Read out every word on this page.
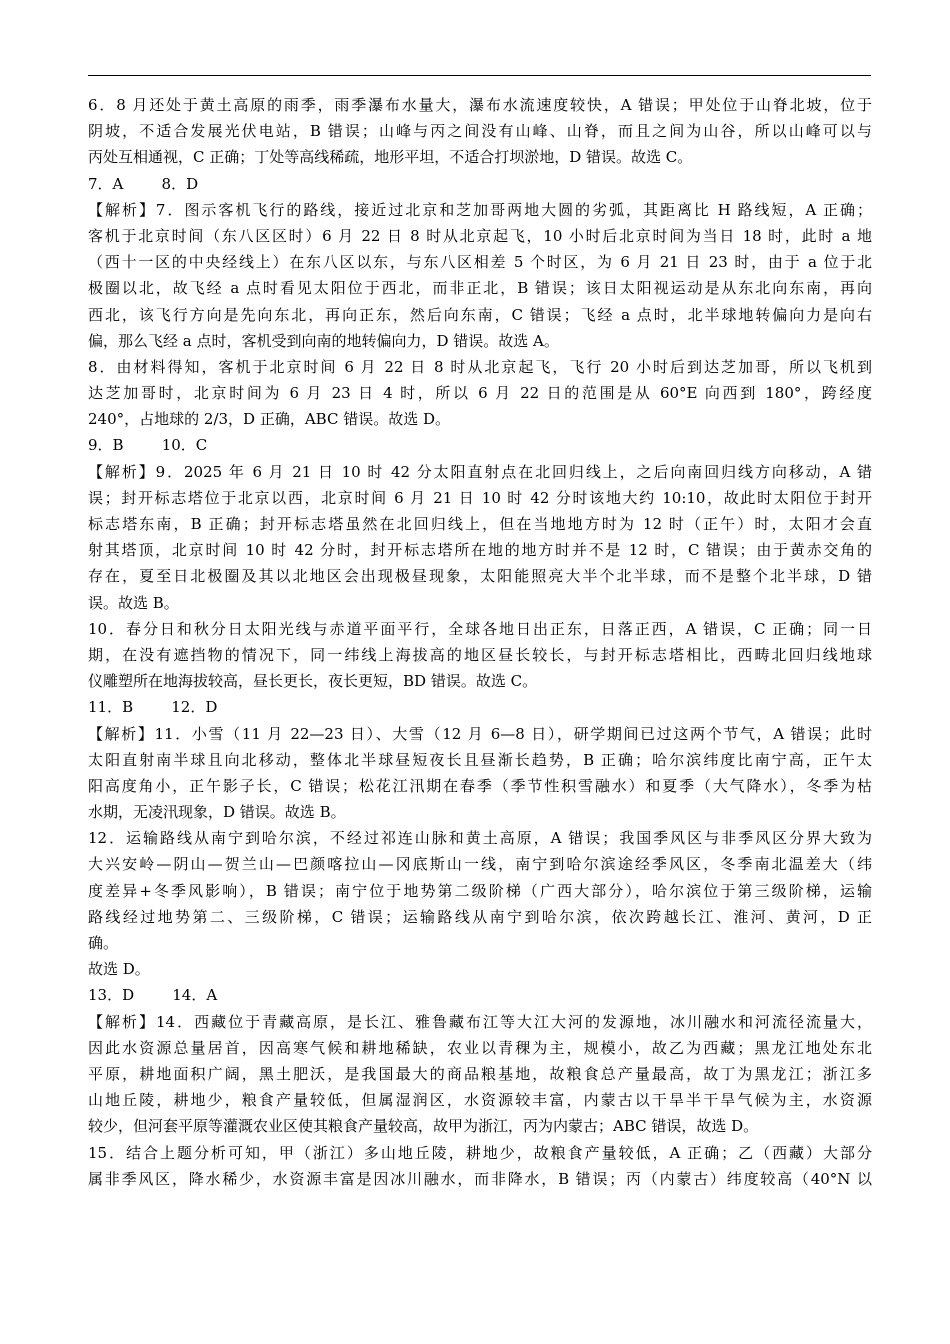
6．8 月还处于黄土高原的雨季，雨季瀑布水量大，瀑布水流速度较快，A 错误；甲处位于山脊北坡，位于
阴坡，不适合发展光伏电站，B 错误；山峰与丙之间没有山峰、山脊，而且之间为山谷，所以山峰可以与
丙处互相通视，C 正确；丁处等高线稀疏，地形平坦，不适合打坝淤地，D 错误。故选 C。
7．A        8．D
【解析】7．图示客机飞行的路线，接近过北京和芝加哥两地大圆的劣弧，其距离比 H 路线短，A 正确；
客机于北京时间（东八区区时）6 月 22 日 8 时从北京起飞，10 小时后北京时间为当日 18 时，此时 a 地
（西十一区的中央经线上）在东八区以东，与东八区相差 5 个时区，为 6 月 21 日 23 时，由于 a 位于北
极圈以北，故飞经 a 点时看见太阳位于西北，而非正北，B 错误；该日太阳视运动是从东北向东南，再向
西北，该飞行方向是先向东北，再向正东，然后向东南，C 错误；飞经 a 点时，北半球地转偏向力是向右
偏，那么飞经 a 点时，客机受到向南的地转偏向力，D 错误。故选 A。
8．由材料得知，客机于北京时间 6 月 22 日 8 时从北京起飞，飞行 20 小时后到达芝加哥，所以飞机到
达芝加哥时，北京时间为 6 月 23 日 4 时，所以 6 月 22 日的范围是从 60°E 向西到 180°，跨经度
240°，占地球的 2/3，D 正确，ABC 错误。故选 D。
9．B        10．C
【解析】9．2025 年 6 月 21 日 10 时 42 分太阳直射点在北回归线上，之后向南回归线方向移动，A 错
误；封开标志塔位于北京以西，北京时间 6 月 21 日 10 时 42 分时该地大约 10:10，故此时太阳位于封开
标志塔东南，B 正确；封开标志塔虽然在北回归线上，但在当地地方时为 12 时（正午）时，太阳才会直
射其塔顶，北京时间 10 时 42 分时，封开标志塔所在地的地方时并不是 12 时，C 错误；由于黄赤交角的
存在，夏至日北极圈及其以北地区会出现极昼现象，太阳能照亮大半个北半球，而不是整个北半球，D 错
误。故选 B。
10．春分日和秋分日太阳光线与赤道平面平行，全球各地日出正东，日落正西，A 错误，C 正确；同一日
期，在没有遮挡物的情况下，同一纬线上海拔高的地区昼长较长，与封开标志塔相比，西畴北回归线地球
仪雕塑所在地海拔较高，昼长更长，夜长更短，BD 错误。故选 C。
11．B        12．D
【解析】11．小雪（11 月 22—23 日）、大雪（12 月 6—8 日），研学期间已过这两个节气，A 错误；此时
太阳直射南半球且向北移动，整体北半球昼短夜长且昼渐长趋势，B 正确；哈尔滨纬度比南宁高，正午太
阳高度角小，正午影子长，C 错误；松花江汛期在春季（季节性积雪融水）和夏季（大气降水），冬季为枯
水期，无凌汛现象，D 错误。故选 B。
12．运输路线从南宁到哈尔滨，不经过祁连山脉和黄土高原，A 错误；我国季风区与非季风区分界大致为
大兴安岭—阴山—贺兰山—巴颜喀拉山—冈底斯山一线，南宁到哈尔滨途经季风区，冬季南北温差大（纬
度差异+冬季风影响），B 错误；南宁位于地势第二级阶梯（广西大部分），哈尔滨位于第三级阶梯，运输
路线经过地势第二、三级阶梯，C 错误；运输路线从南宁到哈尔滨，依次跨越长江、淮河、黄河，D 正
确。
故选 D。
13．D        14．A
【解析】14．西藏位于青藏高原，是长江、雅鲁藏布江等大江大河的发源地，冰川融水和河流径流量大，
因此水资源总量居首，因高寒气候和耕地稀缺，农业以青稞为主，规模小，故乙为西藏；黑龙江地处东北
平原，耕地面积广阔，黑土肥沃，是我国最大的商品粮基地，故粮食总产量最高，故丁为黑龙江；浙江多
山地丘陵，耕地少，粮食产量较低，但属湿润区，水资源较丰富，内蒙古以干旱半干旱气候为主，水资源
较少，但河套平原等灌溉农业区使其粮食产量较高，故甲为浙江，丙为内蒙古；ABC 错误，故选 D。
15．结合上题分析可知，甲（浙江）多山地丘陵，耕地少，故粮食产量较低，A 正确；乙（西藏）大部分
属非季风区，降水稀少，水资源丰富是因冰川融水，而非降水，B 错误；丙（内蒙古）纬度较高（40°N 以
